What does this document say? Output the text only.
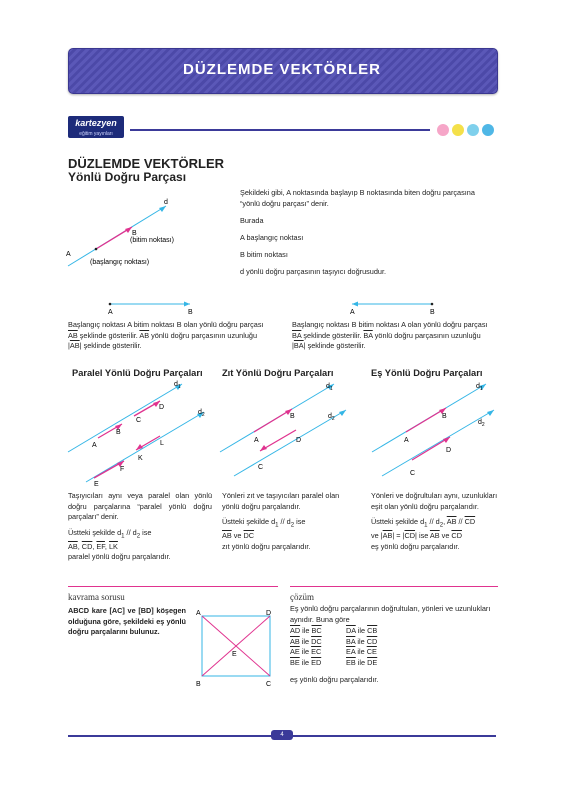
DÜZLEMDE VEKTÖRLER
kartezyen
eğitim yayınları
DÜZLEMDE VEKTÖRLER
Yönlü Doğru Parçası
d
B
(bitim noktası)
A
(başlangıç noktası)
Şekildeki gibi, A noktasında başlayıp B noktasında biten doğru parçasına “yönlü doğru parçası” denir.
Burada
A başlangıç noktası
B bitim noktası
d yönlü doğru parçasının taşıyıcı doğrusudur.
A	B	A	B
Başlangıç noktası A bitim noktası B olan yönlü doğru parçası
$\overline{AB}$ şeklinde gösterilir. $\overline{AB}$ yönlü doğru parçasının uzunluğu
$|\overline{AB}|$ şeklinde gösterilir.
Başlangıç noktası B bitim noktası A olan yönlü doğru parçası
$\overline{BA}$ şeklinde gösterilir. $\overline{BA}$ yönlü doğru parçasının uzunluğu
$|\overline{BA}|$ şeklinde gösterilir.
Paralel Yönlü Doğru Parçaları Zıt Yönlü Doğru Parçaları	Eş Yönlü Doğru Parçaları
$d_1$
$d_2$
A
B
C
D
L
K
F
E
$d_1$
$d_2$
A
B
D
C
$d_1$
$d_2$
A
B
C
D
Taşıyıcıları aynı veya paralel olan yönlü doğru parçalarına “paralel yönlü doğru parçaları” denir.
Üstteki şekilde $d_1 // d_2$ ise
$\overline{AB}$, $\overline{CD}$, $\overline{EF}$, $\overline{LK}$
paralel yönlü doğru parçalarıdır.
Yönleri zıt ve taşıyıcıları paralel olan yönlü doğru parçalarıdır.
Üstteki şekilde $d_1 // d_2$ ise
$\overline{AB}$ ve $\overline{DC}$
zıt yönlü doğru parçalarıdır.
Yönleri ve doğrultuları aynı, uzunlukları eşit olan yönlü doğru parçalarıdır.
Üstteki şekilde $d_1 // d_2$, $\overline{AB} // \overline{CD}$
ve $|\overline{AB}| = |\overline{CD}|$ ise $\overline{AB}$ ve $\overline{CD}$
eş yönlü doğru parçalarıdır.
kavrama sorusu
ABCD kare [AC] ve [BD] köşegen olduğuna göre, şekildeki eş yönlü doğru parçalarını bulunuz.
A	D
B	C
E
çözüm
Eş yönlü doğru parçalarının doğrultuları, yönleri ve uzunlukları aynıdır. Buna göre
$\overline{AD}$ ile $\overline{BC}$	$\overline{DA}$ ile $\overline{CB}$
$\overline{AB}$ ile $\overline{DC}$	$\overline{BA}$ ile $\overline{CD}$
$\overline{AE}$ ile $\overline{EC}$	$\overline{EA}$ ile $\overline{CE}$
$\overline{BE}$ ile $\overline{ED}$	$\overline{EB}$ ile $\overline{DE}$
eş yönlü doğru parçalarıdır.
4
